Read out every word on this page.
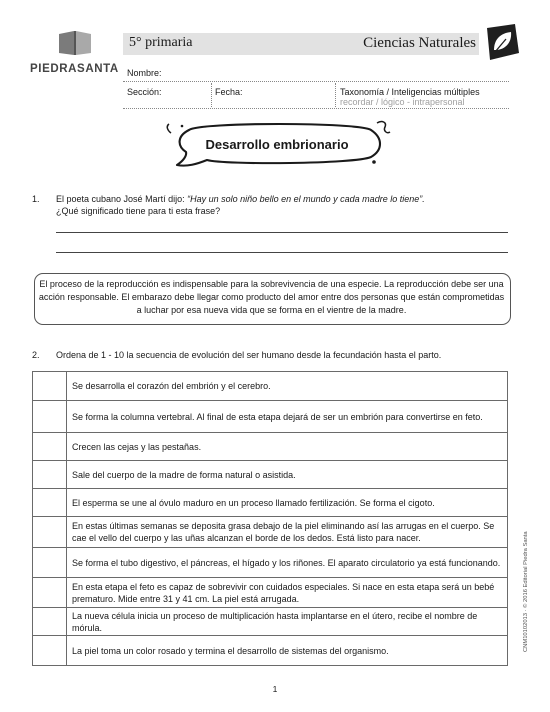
PIEDRASANTA
5° primaria	Ciencias Naturales
Nombre:
Sección:	Fecha:	Taxonomía / Inteligencias múltiples
recordar / lógico - intrapersonal
Desarrollo embrionario
1. El poeta cubano José Martí dijo: “Hay un solo niño bello en el mundo y cada madre lo tiene”.
¿Qué significado tiene para ti esta frase?
El proceso de la reproducción es indispensable para la sobrevivencia de una especie. La reproducción debe ser una acción responsable. El embarazo debe llegar como producto del amor entre dos personas que están comprometidas a luchar por esa nueva vida que se forma en el vientre de la madre.
2. Ordena de 1 - 10 la secuencia de evolución del ser humano desde la fecundación hasta el parto.
	Se desarrolla el corazón del embrión y el cerebro.
	Se forma la columna vertebral. Al final de esta etapa dejará de ser un embrión para convertirse en feto.
	Crecen las cejas y las pestañas.
	Sale del cuerpo de la madre de forma natural o asistida.
	El esperma se une al óvulo maduro en un proceso llamado fertilización. Se forma el cigoto.
	En estas últimas semanas se deposita grasa debajo de la piel eliminando así las arrugas en el cuerpo. Se cae el vello del cuerpo y las uñas alcanzan el borde de los dedos. Está listo para nacer.
	Se forma el tubo digestivo, el páncreas, el hígado y los riñones. El aparato circulatorio ya está funcionando.
	En esta etapa el feto es capaz de sobrevivir con cuidados especiales. Si nace en esta etapa será un bebé prematuro. Mide entre 31 y 41 cm. La piel está arrugada.
	La nueva célula inicia un proceso de multiplicación hasta implantarse en el útero, recibe el nombre de mórula.
	La piel toma un color rosado y termina el desarrollo de sistemas del organismo.	CNM10102013 · © 2016 Editorial Piedra Santa
1
